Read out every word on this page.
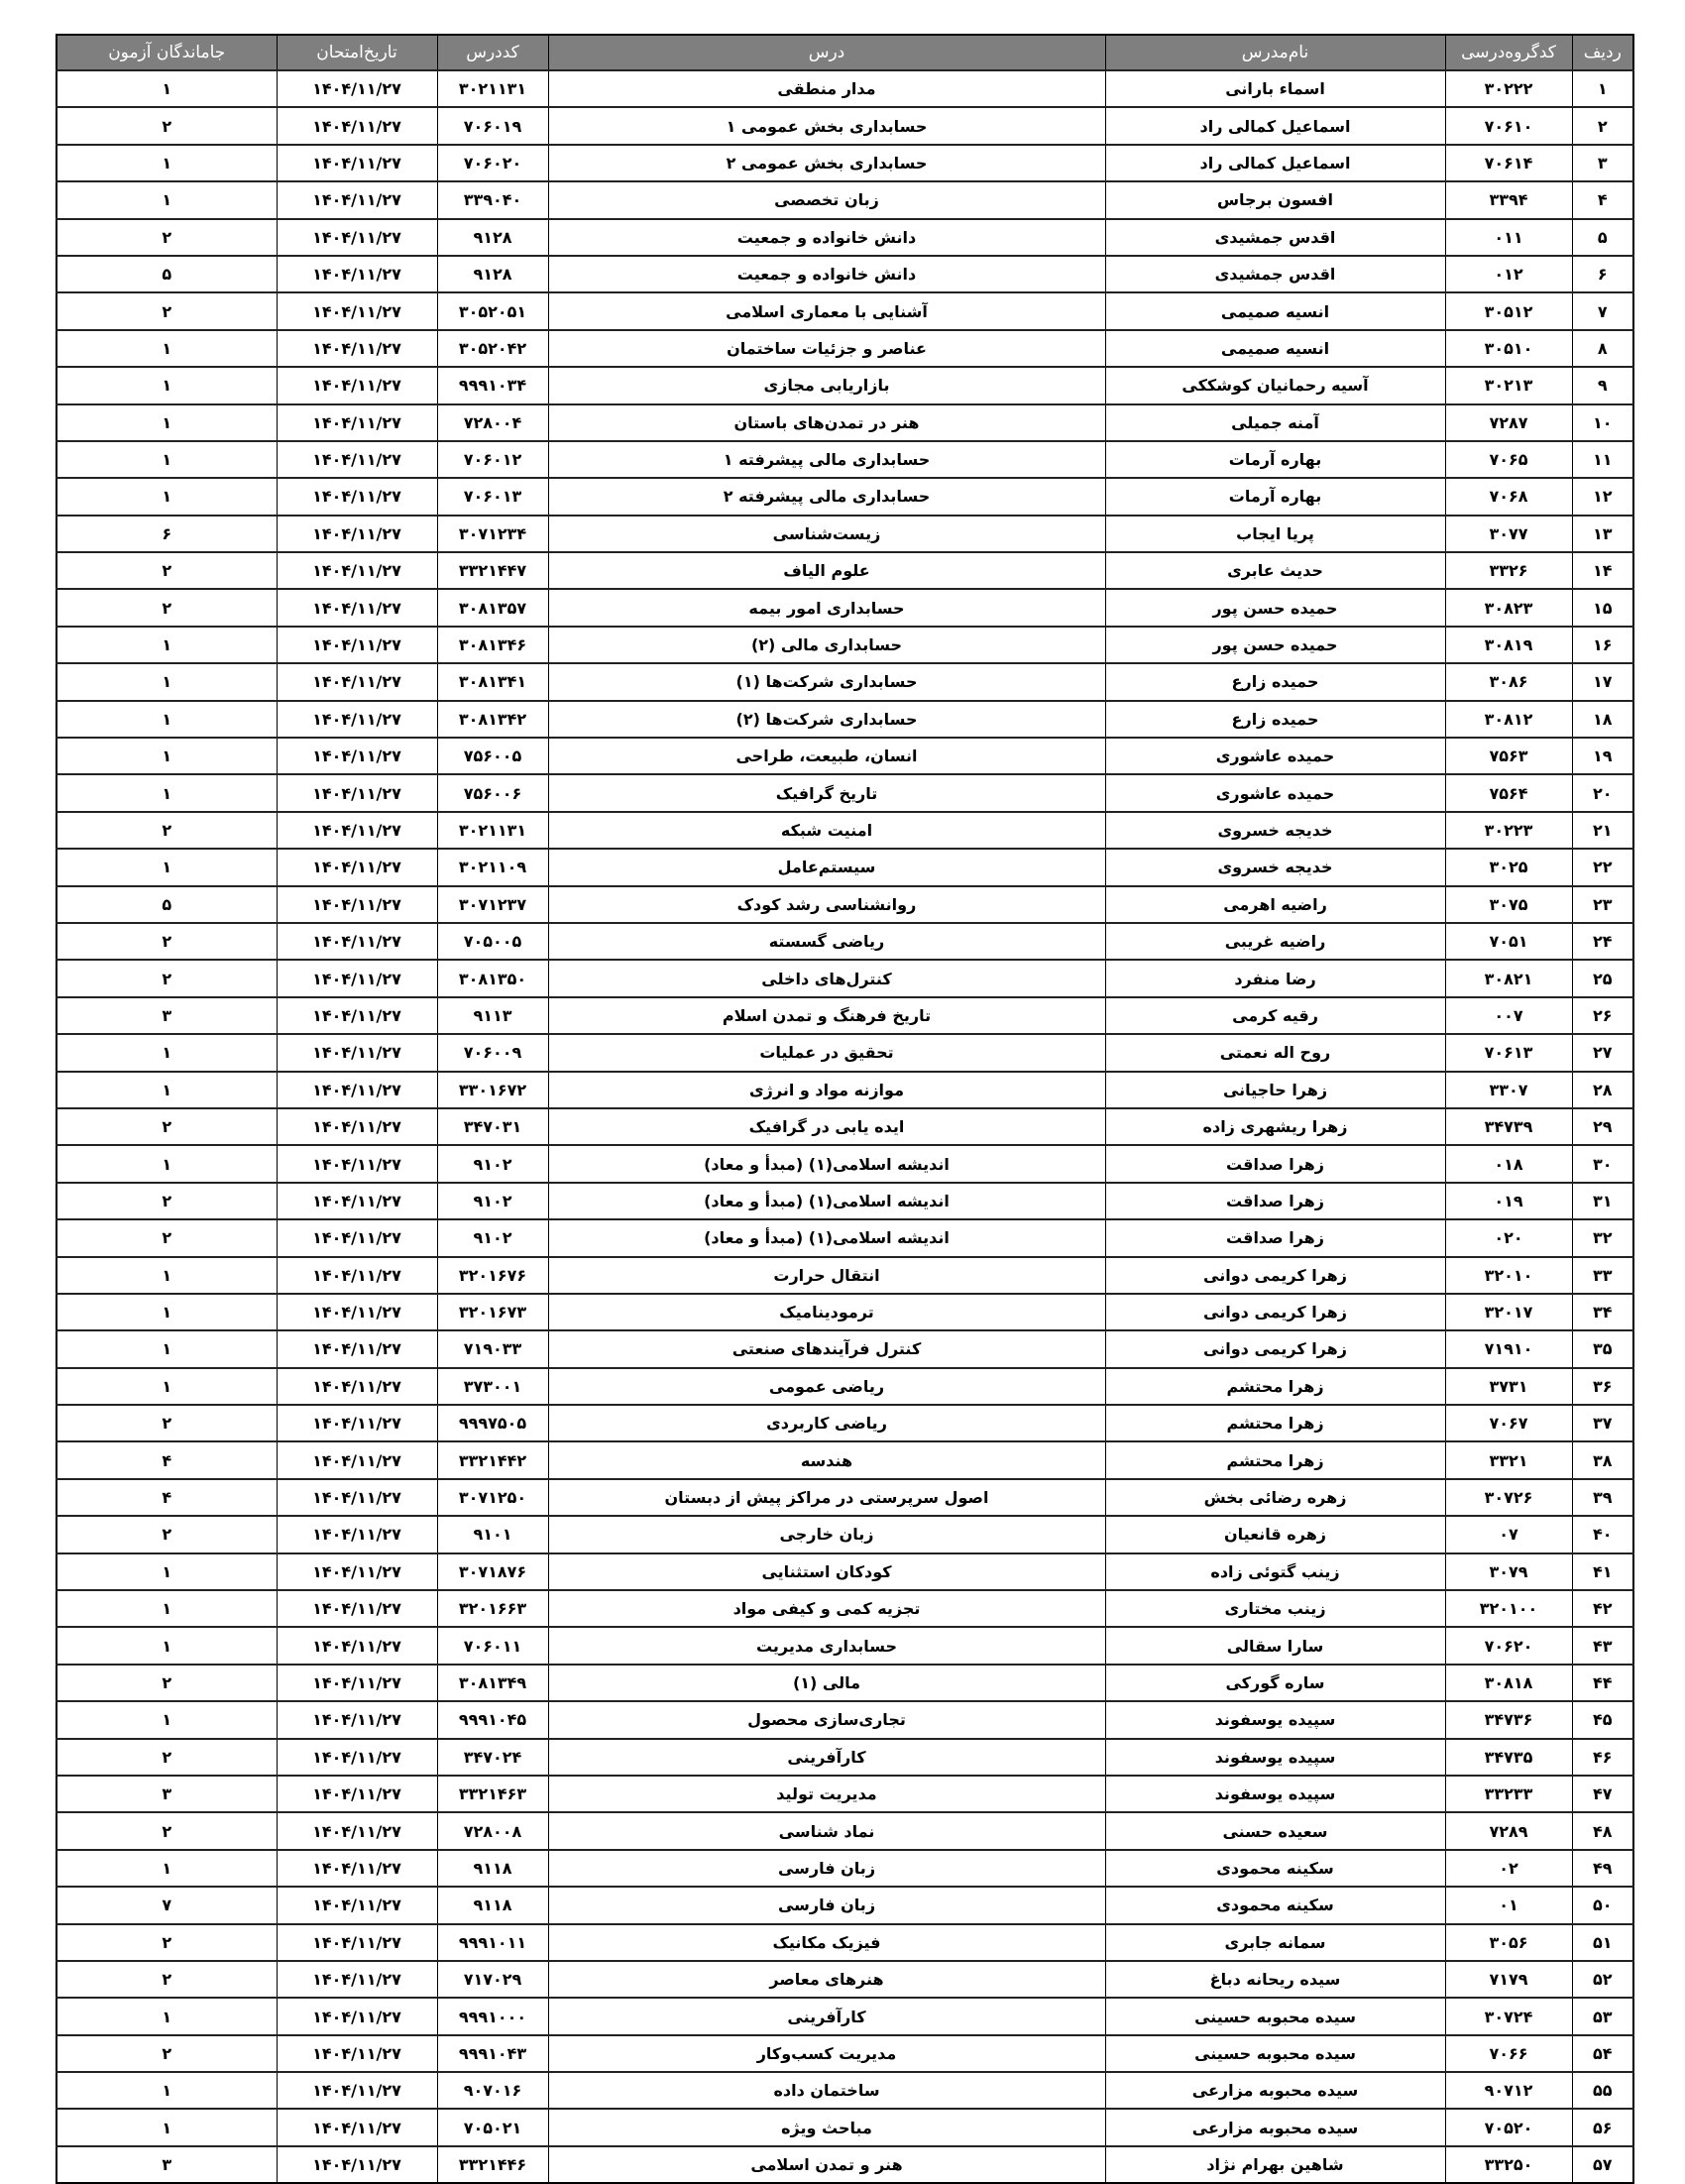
ردیف	کدگروه‌درسی	نام‌مدرس	درس	کددرس	تاریخ‌امتحان	جاماندگان آزمون
۱	۳۰۲۲۲	اسماء بارانی	مدار منطقی	۳۰۲۱۱۳۱	۱۴۰۴/۱۱/۲۷	۱
۲	۷۰۶۱۰	اسماعیل کمالی راد	حسابداری بخش عمومی ۱	۷۰۶۰۱۹	۱۴۰۴/۱۱/۲۷	۲
۳	۷۰۶۱۴	اسماعیل کمالی راد	حسابداری بخش عمومی ۲	۷۰۶۰۲۰	۱۴۰۴/۱۱/۲۷	۱
۴	۳۳۹۴	افسون برجاس	زبان تخصصی	۳۳۹۰۴۰	۱۴۰۴/۱۱/۲۷	۱
۵	۰۱۱	اقدس جمشیدی	دانش خانواده و جمعیت	۹۱۲۸	۱۴۰۴/۱۱/۲۷	۲
۶	۰۱۲	اقدس جمشیدی	دانش خانواده و جمعیت	۹۱۲۸	۱۴۰۴/۱۱/۲۷	۵
۷	۳۰۵۱۲	انسیه صمیمی	آشنایی با معماری اسلامی	۳۰۵۲۰۵۱	۱۴۰۴/۱۱/۲۷	۲
۸	۳۰۵۱۰	انسیه صمیمی	عناصر و جزئیات ساختمان	۳۰۵۲۰۴۲	۱۴۰۴/۱۱/۲۷	۱
۹	۳۰۲۱۳	آسیه رحمانیان کوشککی	بازاریابی مجازی	۹۹۹۱۰۳۴	۱۴۰۴/۱۱/۲۷	۱
۱۰	۷۲۸۷	آمنه جمیلی	هنر در تمدن‌های باستان	۷۲۸۰۰۴	۱۴۰۴/۱۱/۲۷	۱
۱۱	۷۰۶۵	بهاره آرمات	حسابداری مالی پیشرفته ۱	۷۰۶۰۱۲	۱۴۰۴/۱۱/۲۷	۱
۱۲	۷۰۶۸	بهاره آرمات	حسابداری مالی پیشرفته ۲	۷۰۶۰۱۳	۱۴۰۴/۱۱/۲۷	۱
۱۳	۳۰۷۷	پریا ایجاب	زیست‌شناسی	۳۰۷۱۲۳۴	۱۴۰۴/۱۱/۲۷	۶
۱۴	۳۳۲۶	حدیث عابری	علوم الیاف	۳۳۲۱۴۴۷	۱۴۰۴/۱۱/۲۷	۲
۱۵	۳۰۸۲۳	حمیده حسن پور	حسابداری امور بیمه	۳۰۸۱۳۵۷	۱۴۰۴/۱۱/۲۷	۲
۱۶	۳۰۸۱۹	حمیده حسن پور	حسابداری مالی (۲)	۳۰۸۱۳۴۶	۱۴۰۴/۱۱/۲۷	۱
۱۷	۳۰۸۶	حمیده زارع	حسابداری شرکت‌ها (۱)	۳۰۸۱۳۴۱	۱۴۰۴/۱۱/۲۷	۱
۱۸	۳۰۸۱۲	حمیده زارع	حسابداری شرکت‌ها (۲)	۳۰۸۱۳۴۲	۱۴۰۴/۱۱/۲۷	۱
۱۹	۷۵۶۳	حمیده عاشوری	انسان، طبیعت، طراحی	۷۵۶۰۰۵	۱۴۰۴/۱۱/۲۷	۱
۲۰	۷۵۶۴	حمیده عاشوری	تاریخ گرافیک	۷۵۶۰۰۶	۱۴۰۴/۱۱/۲۷	۱
۲۱	۳۰۲۲۳	خدیجه خسروی	امنیت شبکه	۳۰۲۱۱۳۱	۱۴۰۴/۱۱/۲۷	۲
۲۲	۳۰۲۵	خدیجه خسروی	سیستم‌عامل	۳۰۲۱۱۰۹	۱۴۰۴/۱۱/۲۷	۱
۲۳	۳۰۷۵	راضیه اهرمی	روانشناسی رشد کودک	۳۰۷۱۲۳۷	۱۴۰۴/۱۱/۲۷	۵
۲۴	۷۰۵۱	راضیه غریبی	ریاضی گسسته	۷۰۵۰۰۵	۱۴۰۴/۱۱/۲۷	۲
۲۵	۳۰۸۲۱	رضا منفرد	کنترل‌های داخلی	۳۰۸۱۳۵۰	۱۴۰۴/۱۱/۲۷	۲
۲۶	۰۰۷	رقیه کرمی	تاریخ فرهنگ و تمدن اسلام	۹۱۱۳	۱۴۰۴/۱۱/۲۷	۳
۲۷	۷۰۶۱۳	روح اله نعمتی	تحقیق در عملیات	۷۰۶۰۰۹	۱۴۰۴/۱۱/۲۷	۱
۲۸	۳۳۰۷	زهرا حاجیانی	موازنه مواد و انرژی	۳۳۰۱۶۷۲	۱۴۰۴/۱۱/۲۷	۱
۲۹	۳۴۷۳۹	زهرا ریشهری زاده	ایده یابی در گرافیک	۳۴۷۰۳۱	۱۴۰۴/۱۱/۲۷	۲
۳۰	۰۱۸	زهرا صداقت	اندیشه اسلامی(۱) (مبدأ و معاد)	۹۱۰۲	۱۴۰۴/۱۱/۲۷	۱
۳۱	۰۱۹	زهرا صداقت	اندیشه اسلامی(۱) (مبدأ و معاد)	۹۱۰۲	۱۴۰۴/۱۱/۲۷	۲
۳۲	۰۲۰	زهرا صداقت	اندیشه اسلامی(۱) (مبدأ و معاد)	۹۱۰۲	۱۴۰۴/۱۱/۲۷	۲
۳۳	۳۲۰۱۰	زهرا کریمی دوانی	انتقال حرارت	۳۲۰۱۶۷۶	۱۴۰۴/۱۱/۲۷	۱
۳۴	۳۲۰۱۷	زهرا کریمی دوانی	ترمودینامیک	۳۲۰۱۶۷۳	۱۴۰۴/۱۱/۲۷	۱
۳۵	۷۱۹۱۰	زهرا کریمی دوانی	کنترل فرآیندهای صنعتی	۷۱۹۰۳۳	۱۴۰۴/۱۱/۲۷	۱
۳۶	۳۷۳۱	زهرا محتشم	ریاضی عمومی	۳۷۳۰۰۱	۱۴۰۴/۱۱/۲۷	۱
۳۷	۷۰۶۷	زهرا محتشم	ریاضی کاربردی	۹۹۹۷۵۰۵	۱۴۰۴/۱۱/۲۷	۲
۳۸	۳۳۲۱	زهرا محتشم	هندسه	۳۳۲۱۴۴۲	۱۴۰۴/۱۱/۲۷	۴
۳۹	۳۰۷۲۶	زهره رضائی بخش	اصول سرپرستی در مراکز پیش از دبستان	۳۰۷۱۲۵۰	۱۴۰۴/۱۱/۲۷	۴
۴۰	۰۷	زهره قانعیان	زبان خارجی	۹۱۰۱	۱۴۰۴/۱۱/۲۷	۲
۴۱	۳۰۷۹	زینب گتوئی زاده	کودکان استثنایی	۳۰۷۱۸۷۶	۱۴۰۴/۱۱/۲۷	۱
۴۲	۳۲۰۱۰۰	زینب مختاری	تجزیه کمی و کیفی مواد	۳۲۰۱۶۶۳	۱۴۰۴/۱۱/۲۷	۱
۴۳	۷۰۶۲۰	سارا سقالی	حسابداری مدیریت	۷۰۶۰۱۱	۱۴۰۴/۱۱/۲۷	۱
۴۴	۳۰۸۱۸	ساره گورکی	مالی (۱)	۳۰۸۱۳۴۹	۱۴۰۴/۱۱/۲۷	۲
۴۵	۳۴۷۳۶	سپیده یوسفوند	تجاری‌سازی محصول	۹۹۹۱۰۴۵	۱۴۰۴/۱۱/۲۷	۱
۴۶	۳۴۷۳۵	سپیده یوسفوند	کارآفرینی	۳۴۷۰۲۴	۱۴۰۴/۱۱/۲۷	۲
۴۷	۳۳۲۳۳	سپیده یوسفوند	مدیریت تولید	۳۳۲۱۴۶۳	۱۴۰۴/۱۱/۲۷	۳
۴۸	۷۲۸۹	سعیده حسنی	نماد شناسی	۷۲۸۰۰۸	۱۴۰۴/۱۱/۲۷	۲
۴۹	۰۲	سکینه محمودی	زبان فارسی	۹۱۱۸	۱۴۰۴/۱۱/۲۷	۱
۵۰	۰۱	سکینه محمودی	زبان فارسی	۹۱۱۸	۱۴۰۴/۱۱/۲۷	۷
۵۱	۳۰۵۶	سمانه جابری	فیزیک مکانیک	۹۹۹۱۰۱۱	۱۴۰۴/۱۱/۲۷	۲
۵۲	۷۱۷۹	سیده ریحانه دباغ	هنرهای معاصر	۷۱۷۰۲۹	۱۴۰۴/۱۱/۲۷	۲
۵۳	۳۰۷۲۴	سیده محبوبه حسینی	کارآفرینی	۹۹۹۱۰۰۰	۱۴۰۴/۱۱/۲۷	۱
۵۴	۷۰۶۶	سیده محبوبه حسینی	مدیریت کسب‌وکار	۹۹۹۱۰۴۳	۱۴۰۴/۱۱/۲۷	۲
۵۵	۹۰۷۱۲	سیده محبوبه مزارعی	ساختمان داده	۹۰۷۰۱۶	۱۴۰۴/۱۱/۲۷	۱
۵۶	۷۰۵۲۰	سیده محبوبه مزارعی	مباحث ویژه	۷۰۵۰۲۱	۱۴۰۴/۱۱/۲۷	۱
۵۷	۳۳۲۵۰	شاهین بهرام نژاد	هنر و تمدن اسلامی	۳۳۲۱۴۴۶	۱۴۰۴/۱۱/۲۷	۳
